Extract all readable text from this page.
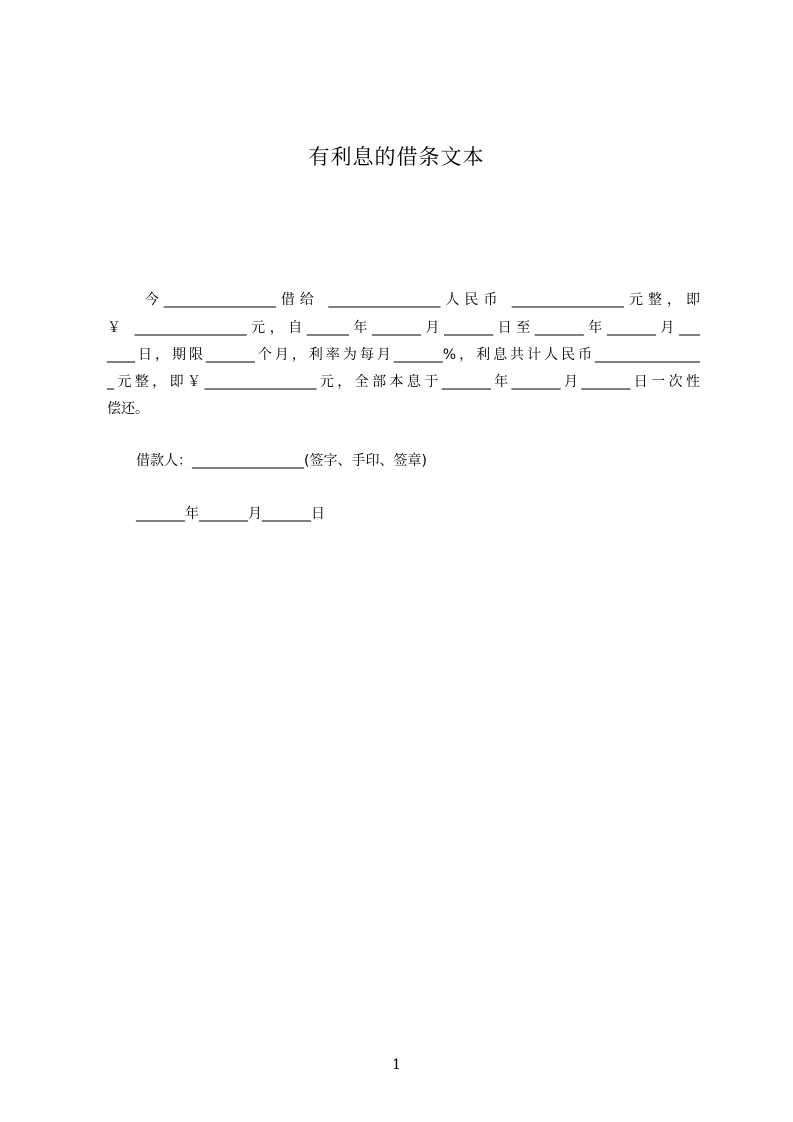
有利息的借条文本

今________________借给 ________________人民币 ________________元整，即

￥ ________________元，自______年_______月_______日至_______年_______月___

____日，期限_______个月，利率为每月_______%，利息共计人民币_______________

_元整，即￥________________元，全部本息于_______年_______月_______日一次性

偿还。

借款人：________________(签字、手印、签章)

_______年_______月_______日

1
